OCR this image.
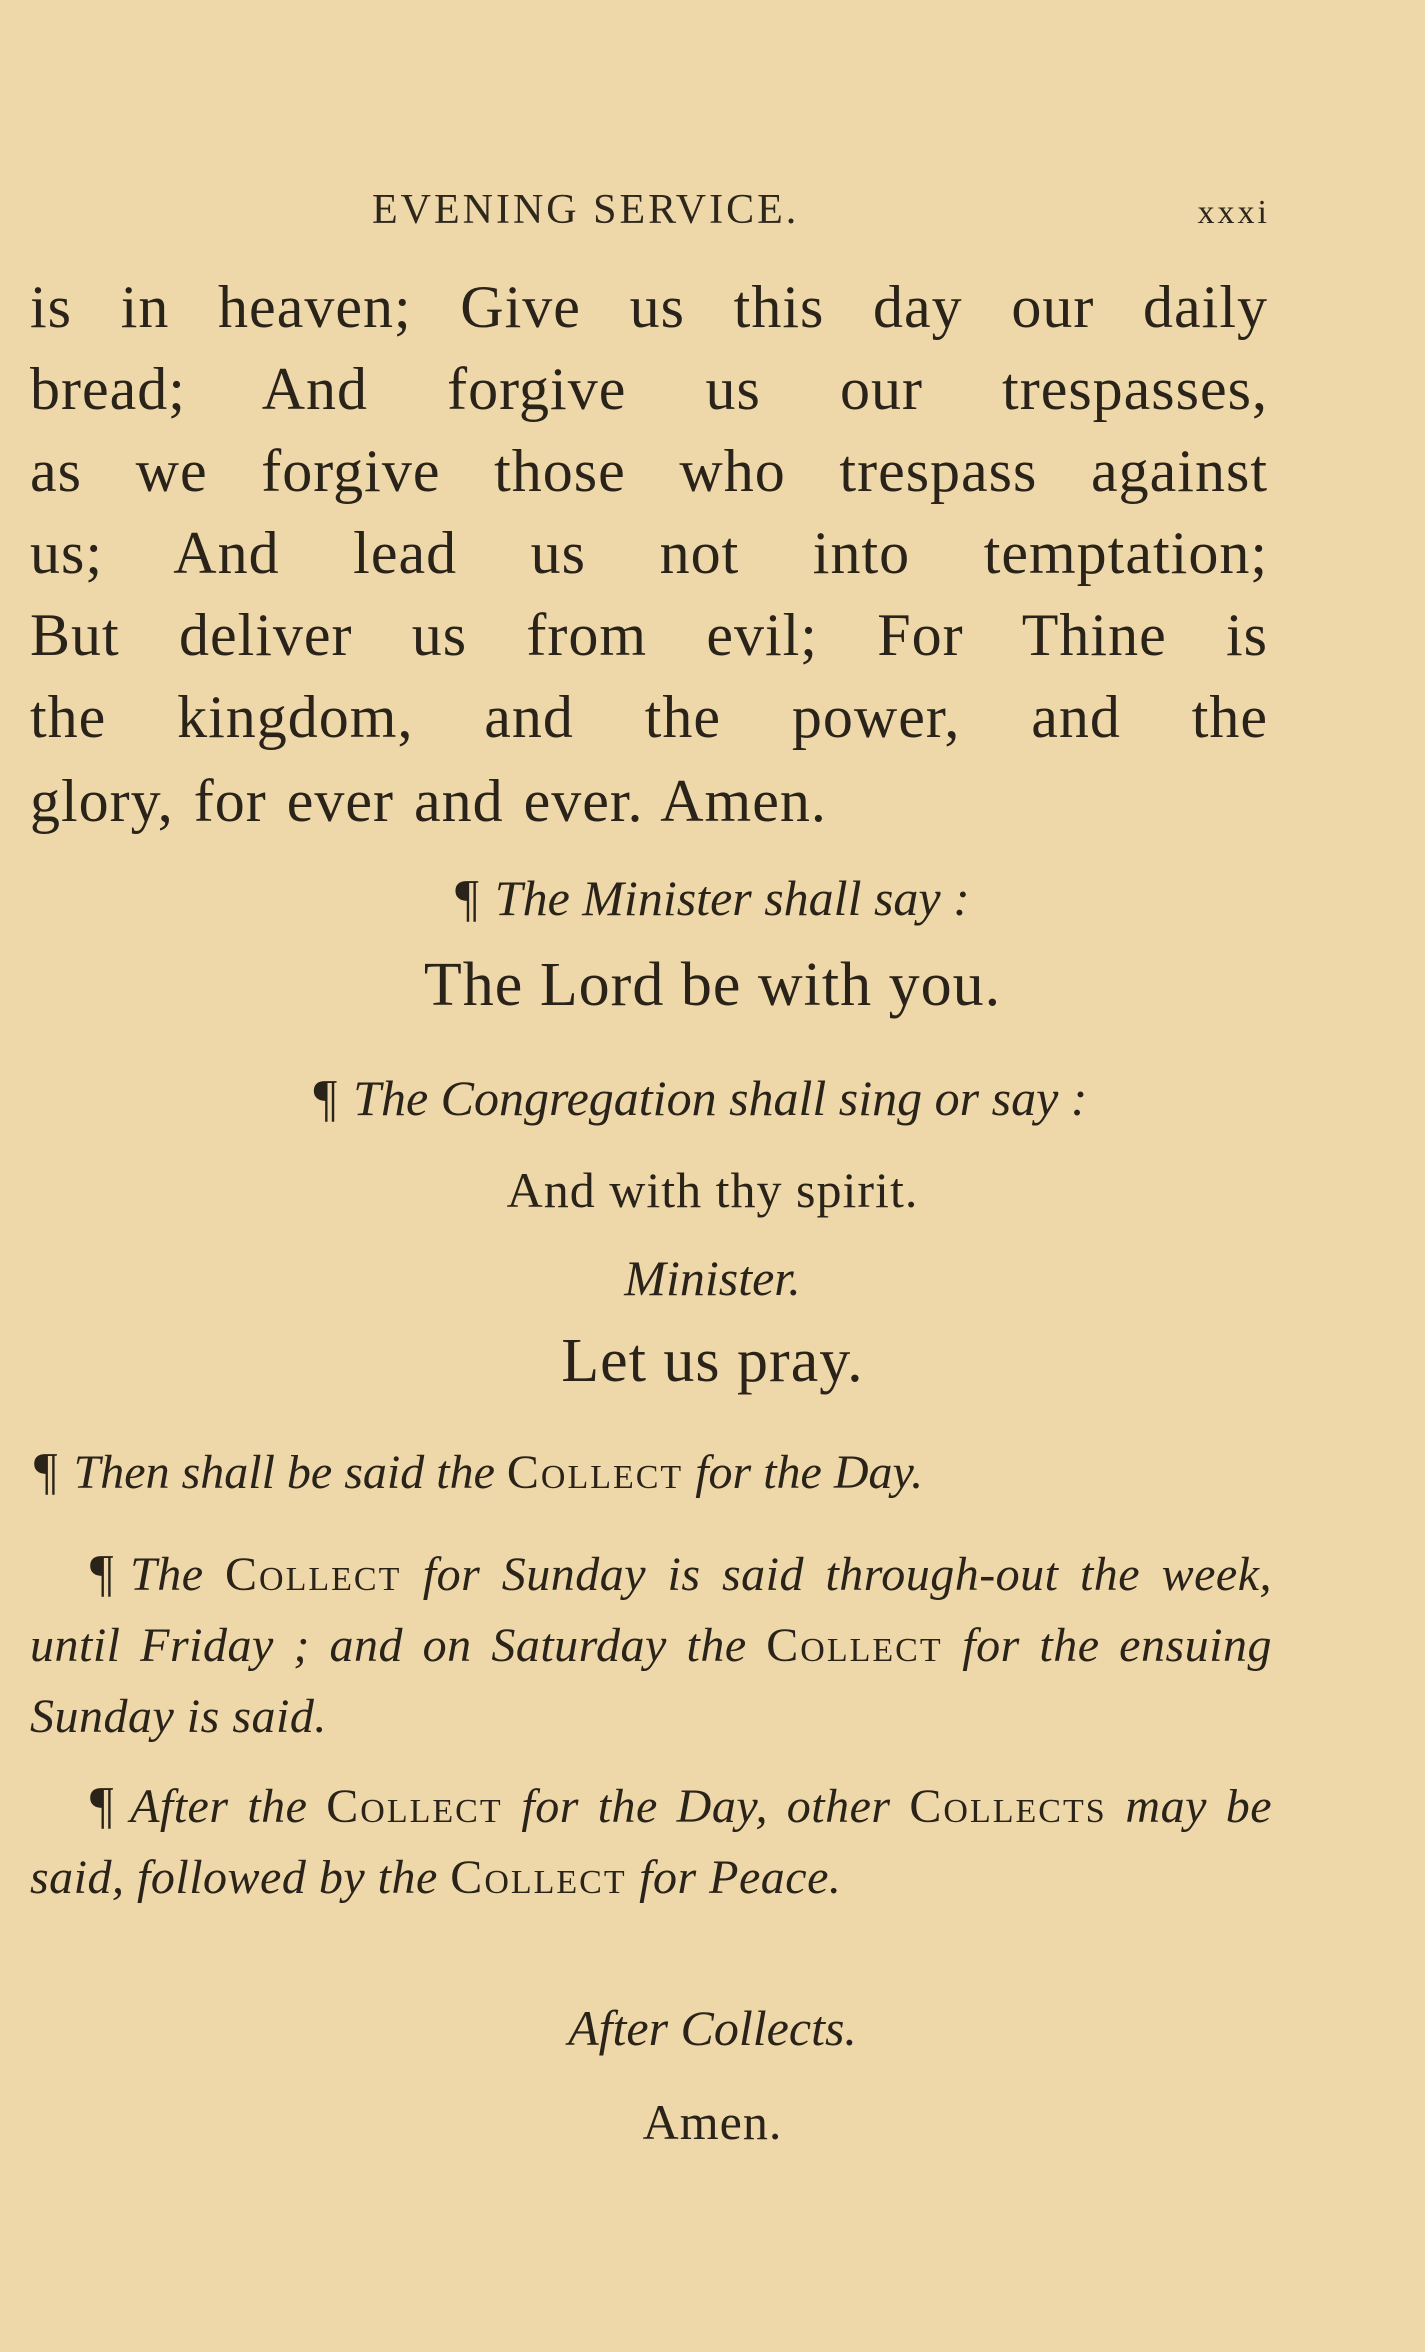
EVENING SERVICE.	xxxi
is in heaven; Give us this day our daily
bread; And forgive us our trespasses,
as we forgive those who trespass against
us; And lead us not into temptation;
But deliver us from evil; For Thine is
the kingdom, and the power, and the
glory, for ever and ever. Amen.
¶ The Minister shall say :
The Lord be with you.
¶ The Congregation shall sing or say :
And with thy spirit.
Minister.
Let us pray.
¶ Then shall be said the Collect for the Day.
¶ The Collect for Sunday is said through-out the week, until Friday ; and on Saturday the Collect for the ensuing Sunday is said.
¶ After the Collect for the Day, other Collects may be said, followed by the Collect for Peace.
After Collects.
Amen.
